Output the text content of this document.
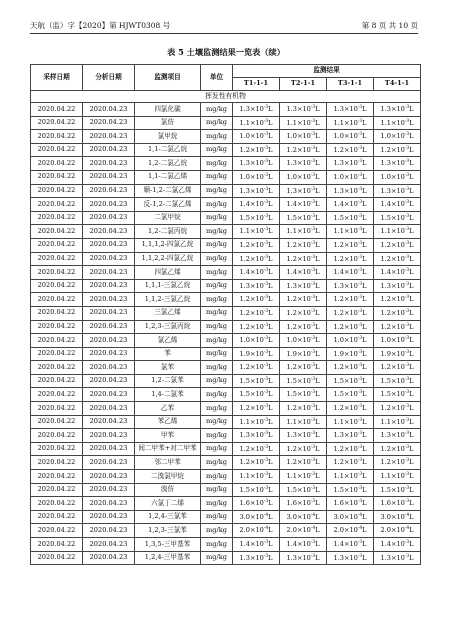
天航（监）字【2020】第 HJWT0308 号	第 8 页 共 10 页
表 5 土壤监测结果一览表（续）
采样日期	分析日期	监测项目	单位	监测结果			
				T1-1-1	T2-1-1	T3-1-1	T4-1-1
挥发性有机物							
2020.04.22	2020.04.23	四氯化碳	mg/kg	$1.3\times 10^{-3}L$	$1.3\times 10^{-3}L$	$1.3\times 10^{-3}L$	$1.3\times 10^{-3}L$
2020.04.22	2020.04.23	氯仿	mg/kg	$1.1\times 10^{-3}L$	$1.1\times 10^{-3}L$	$1.1\times 10^{-3}L$	$1.1\times 10^{-3}L$
2020.04.22	2020.04.23	氯甲烷	mg/kg	$1.0\times 10^{-3}L$	$1.0\times 10^{-3}L$	$1.0\times 10^{-3}L$	$1.0\times 10^{-3}L$
2020.04.22	2020.04.23	1,1-二氯乙烷	mg/kg	$1.2\times 10^{-3}L$	$1.2\times 10^{-3}L$	$1.2\times 10^{-3}L$	$1.2\times 10^{-3}L$
2020.04.22	2020.04.23	1,2-二氯乙烷	mg/kg	$1.3\times 10^{-3}L$	$1.3\times 10^{-3}L$	$1.3\times 10^{-3}L$	$1.3\times 10^{-3}L$
2020.04.22	2020.04.23	1,1-二氯乙烯	mg/kg	$1.0\times 10^{-3}L$	$1.0\times 10^{-3}L$	$1.0\times 10^{-3}L$	$1.0\times 10^{-3}L$
2020.04.22	2020.04.23	顺-1,2-二氯乙烯	mg/kg	$1.3\times 10^{-3}L$	$1.3\times 10^{-3}L$	$1.3\times 10^{-3}L$	$1.3\times 10^{-3}L$
2020.04.22	2020.04.23	反-1,2-二氯乙烯	mg/kg	$1.4\times 10^{-3}L$	$1.4\times 10^{-3}L$	$1.4\times 10^{-3}L$	$1.4\times 10^{-3}L$
2020.04.22	2020.04.23	二氯甲烷	mg/kg	$1.5\times 10^{-3}L$	$1.5\times 10^{-3}L$	$1.5\times 10^{-3}L$	$1.5\times 10^{-3}L$
2020.04.22	2020.04.23	1,2-二氯丙烷	mg/kg	$1.1\times 10^{-3}L$	$1.1\times 10^{-3}L$	$1.1\times 10^{-3}L$	$1.1\times 10^{-3}L$
2020.04.22	2020.04.23	1,1,1,2-四氯乙烷	mg/kg	$1.2\times 10^{-3}L$	$1.2\times 10^{-3}L$	$1.2\times 10^{-3}L$	$1.2\times 10^{-3}L$
2020.04.22	2020.04.23	1,1,2,2-四氯乙烷	mg/kg	$1.2\times 10^{-3}L$	$1.2\times 10^{-3}L$	$1.2\times 10^{-3}L$	$1.2\times 10^{-3}L$
2020.04.22	2020.04.23	四氯乙烯	mg/kg	$1.4\times 10^{-3}L$	$1.4\times 10^{-3}L$	$1.4\times 10^{-3}L$	$1.4\times 10^{-3}L$
2020.04.22	2020.04.23	1,1,1-三氯乙烷	mg/kg	$1.3\times 10^{-3}L$	$1.3\times 10^{-3}L$	$1.3\times 10^{-3}L$	$1.3\times 10^{-3}L$
2020.04.22	2020.04.23	1,1,2-三氯乙烷	mg/kg	$1.2\times 10^{-3}L$	$1.2\times 10^{-3}L$	$1.2\times 10^{-3}L$	$1.2\times 10^{-3}L$
2020.04.22	2020.04.23	三氯乙烯	mg/kg	$1.2\times 10^{-3}L$	$1.2\times 10^{-3}L$	$1.2\times 10^{-3}L$	$1.2\times 10^{-3}L$
2020.04.22	2020.04.23	1,2,3-三氯丙烷	mg/kg	$1.2\times 10^{-3}L$	$1.2\times 10^{-3}L$	$1.2\times 10^{-3}L$	$1.2\times 10^{-3}L$
2020.04.22	2020.04.23	氯乙烯	mg/kg	$1.0\times 10^{-3}L$	$1.0\times 10^{-3}L$	$1.0\times 10^{-3}L$	$1.0\times 10^{-3}L$
2020.04.22	2020.04.23	苯	mg/kg	$1.9\times 10^{-3}L$	$1.9\times 10^{-3}L$	$1.9\times 10^{-3}L$	$1.9\times 10^{-3}L$
2020.04.22	2020.04.23	氯苯	mg/kg	$1.2\times 10^{-3}L$	$1.2\times 10^{-3}L$	$1.2\times 10^{-3}L$	$1.2\times 10^{-3}L$
2020.04.22	2020.04.23	1,2-二氯苯	mg/kg	$1.5\times 10^{-3}L$	$1.5\times 10^{-3}L$	$1.5\times 10^{-3}L$	$1.5\times 10^{-3}L$
2020.04.22	2020.04.23	1,4-二氯苯	mg/kg	$1.5\times 10^{-3}L$	$1.5\times 10^{-3}L$	$1.5\times 10^{-3}L$	$1.5\times 10^{-3}L$
2020.04.22	2020.04.23	乙苯	mg/kg	$1.2\times 10^{-3}L$	$1.2\times 10^{-3}L$	$1.2\times 10^{-3}L$	$1.2\times 10^{-3}L$
2020.04.22	2020.04.23	苯乙烯	mg/kg	$1.1\times 10^{-3}L$	$1.1\times 10^{-3}L$	$1.1\times 10^{-3}L$	$1.1\times 10^{-3}L$
2020.04.22	2020.04.23	甲苯	mg/kg	$1.3\times 10^{-3}L$	$1.3\times 10^{-3}L$	$1.3\times 10^{-3}L$	$1.3\times 10^{-3}L$
2020.04.22	2020.04.23	间二甲苯+对二甲苯	mg/kg	$1.2\times 10^{-3}L$	$1.2\times 10^{-3}L$	$1.2\times 10^{-3}L$	$1.2\times 10^{-3}L$
2020.04.22	2020.04.23	邻二甲苯	mg/kg	$1.2\times 10^{-3}L$	$1.2\times 10^{-3}L$	$1.2\times 10^{-3}L$	$1.2\times 10^{-3}L$
2020.04.22	2020.04.23	二溴氯甲烷	mg/kg	$1.1\times 10^{-3}L$	$1.1\times 10^{-3}L$	$1.1\times 10^{-3}L$	$1.1\times 10^{-3}L$
2020.04.22	2020.04.23	溴仿	mg/kg	$1.5\times 10^{-3}L$	$1.5\times 10^{-3}L$	$1.5\times 10^{-3}L$	$1.5\times 10^{-3}L$
2020.04.22	2020.04.23	六氯丁二烯	mg/kg	$1.6\times 10^{-3}L$	$1.6\times 10^{-3}L$	$1.6\times 10^{-3}L$	$1.6\times 10^{-3}L$
2020.04.22	2020.04.23	1,2,4-三氯苯	mg/kg	$3.0\times 10^{-4}L$	$3.0\times 10^{-4}L$	$3.0\times 10^{-4}L$	$3.0\times 10^{-4}L$
2020.04.22	2020.04.23	1,2,3-三氯苯	mg/kg	$2.0\times 10^{-4}L$	$2.0\times 10^{-4}L$	$2.0\times 10^{-4}L$	$2.0\times 10^{-4}L$
2020.04.22	2020.04.23	1,3,5-三甲基苯	mg/kg	$1.4\times 10^{-3}L$	$1.4\times 10^{-3}L$	$1.4\times 10^{-3}L$	$1.4\times 10^{-3}L$
2020.04.22	2020.04.23	1,2,4-三甲基苯	mg/kg	$1.3\times 10^{-3}L$	$1.3\times 10^{-3}L$	$1.3\times 10^{-3}L$	$1.3\times 10^{-3}L$
